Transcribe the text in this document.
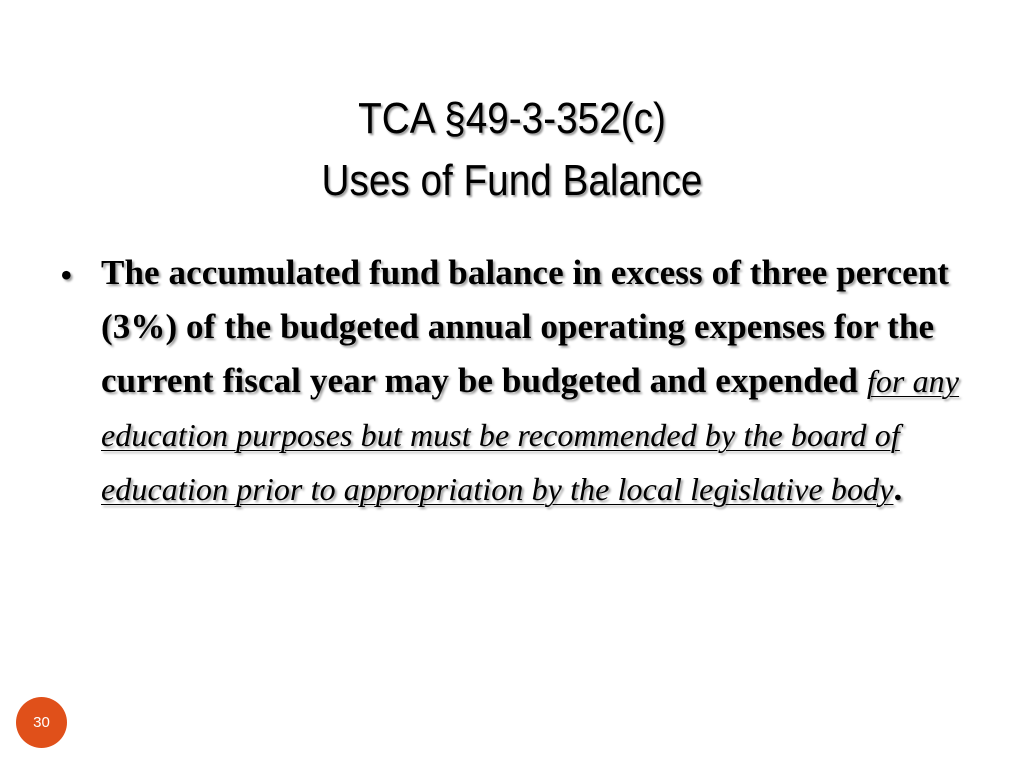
TCA §49-3-352(c)
Uses of Fund Balance
• The accumulated fund balance in excess of three percent (3%) of the budgeted annual operating expenses for the current fiscal year may be budgeted and expended for any education purposes but must be recommended by the board of education prior to appropriation by the local legislative body.
30
